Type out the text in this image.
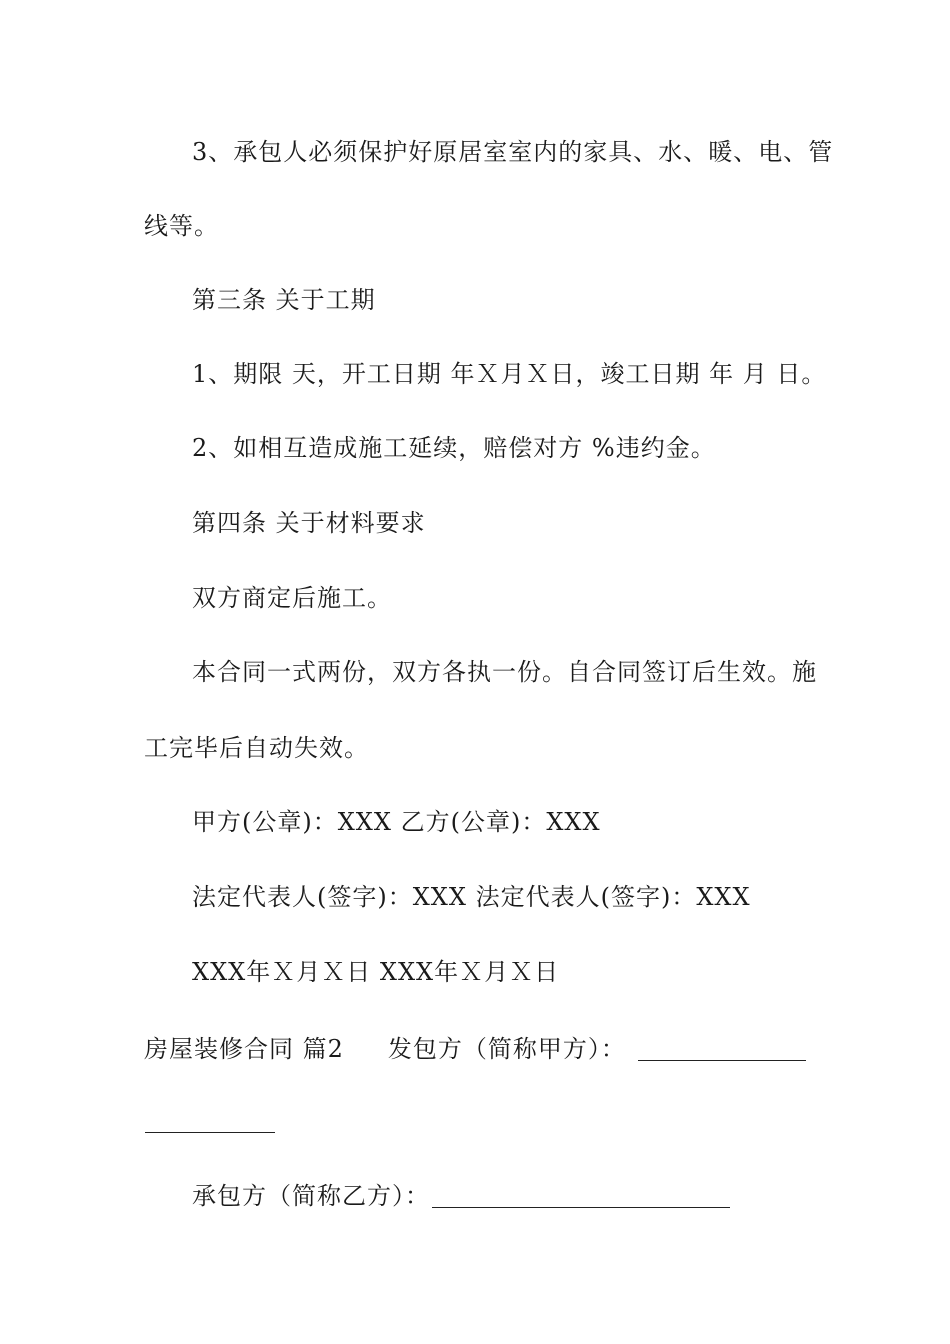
3、承包人必须保护好原居室室内的家具、水、暖、电、管
线等。
第三条 关于工期
1、期限 天，开工日期 年Ｘ月Ｘ日，竣工日期 年 月 日。
2、如相互造成施工延续，赔偿对方 %违约金。
第四条 关于材料要求
双方商定后施工。
本合同一式两份，双方各执一份。自合同签订后生效。施
工完毕后自动失效。
甲方(公章)：XXX 乙方(公章)：XXX
法定代表人(签字)：XXX 法定代表人(签字)：XXX
XXX年Ｘ月Ｘ日 XXX年Ｘ月Ｘ日
房屋装修合同 篇2 发包方（简称甲方）：
承包方（简称乙方）：
